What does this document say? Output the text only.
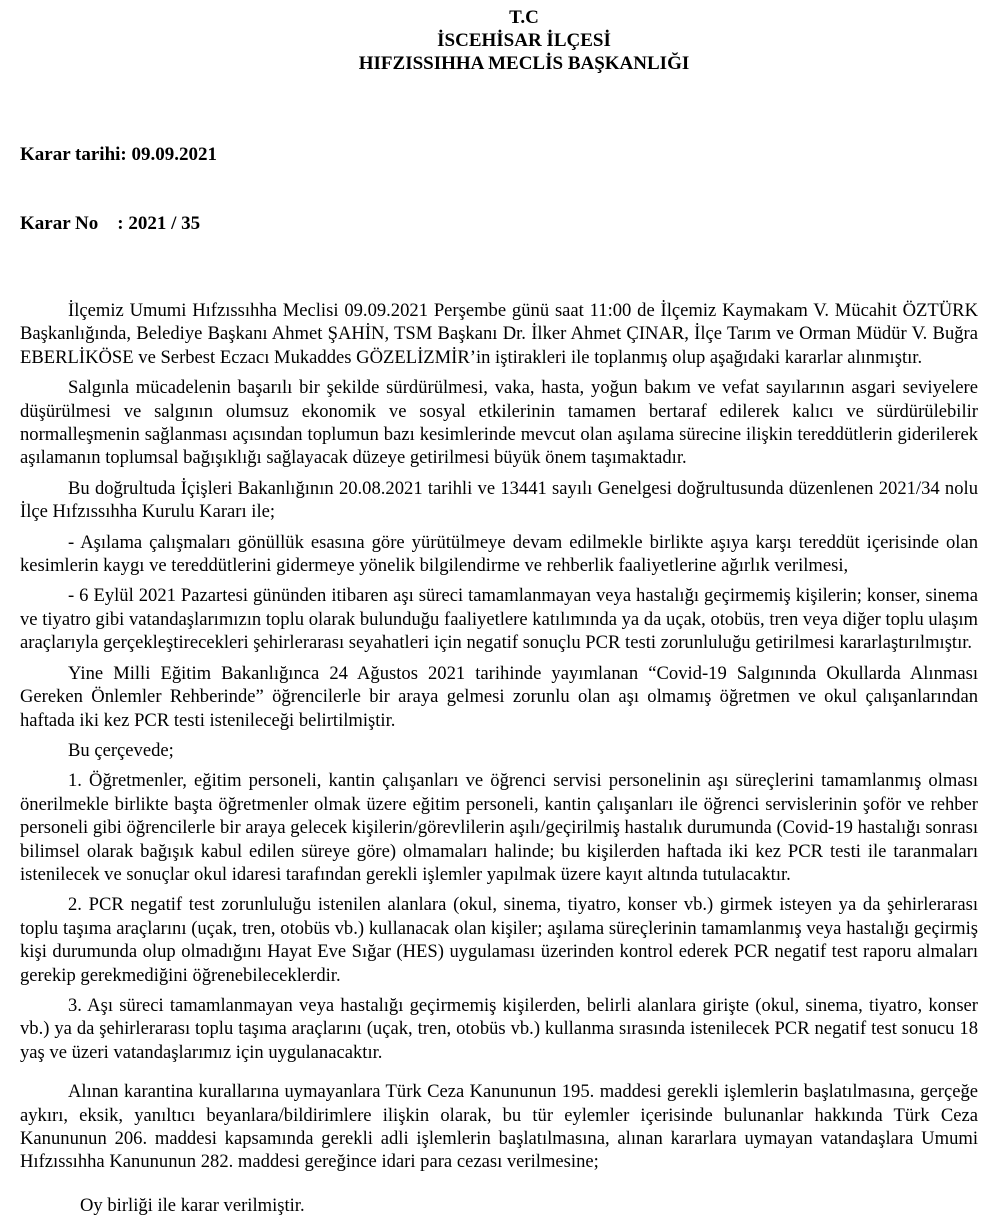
T.C
İSCEHİSAR İLÇESİ
HIFZISSIHHA MECLİS BAŞKANLIĞI

Karar tarihi: 09.09.2021

Karar No    : 2021 / 35

İlçemiz Umumi Hıfzıssıhha Meclisi 09.09.2021 Perşembe günü saat 11:00 de İlçemiz Kaymakam V. Mücahit ÖZTÜRK Başkanlığında, Belediye Başkanı Ahmet ŞAHİN, TSM Başkanı Dr. İlker Ahmet ÇINAR, İlçe Tarım ve Orman Müdür V. Buğra EBERLİKÖSE ve Serbest Eczacı Mukaddes GÖZELİZMİR’in iştirakleri ile toplanmış olup aşağıdaki kararlar alınmıştır.

Salgınla mücadelenin başarılı bir şekilde sürdürülmesi, vaka, hasta, yoğun bakım ve vefat sayılarının asgari seviyelere düşürülmesi ve salgının olumsuz ekonomik ve sosyal etkilerinin tamamen bertaraf edilerek kalıcı ve sürdürülebilir normalleşmenin sağlanması açısından toplumun bazı kesimlerinde mevcut olan aşılama sürecine ilişkin tereddütlerin giderilerek aşılamanın toplumsal bağışıklığı sağlayacak düzeye getirilmesi büyük önem taşımaktadır.

Bu doğrultuda İçişleri Bakanlığının 20.08.2021 tarihli ve 13441 sayılı Genelgesi doğrultusunda düzenlenen 2021/34 nolu İlçe Hıfzıssıhha Kurulu Kararı ile;

- Aşılama çalışmaları gönüllük esasına göre yürütülmeye devam edilmekle birlikte aşıya karşı tereddüt içerisinde olan kesimlerin kaygı ve tereddütlerini gidermeye yönelik bilgilendirme ve rehberlik faaliyetlerine ağırlık verilmesi,

- 6 Eylül 2021 Pazartesi gününden itibaren aşı süreci tamamlanmayan veya hastalığı geçirmemiş kişilerin; konser, sinema ve tiyatro gibi vatandaşlarımızın toplu olarak bulunduğu faaliyetlere katılımında ya da uçak, otobüs, tren veya diğer toplu ulaşım araçlarıyla gerçekleştirecekleri şehirlerarası seyahatleri için negatif sonuçlu PCR testi zorunluluğu getirilmesi kararlaştırılmıştır.

Yine Milli Eğitim Bakanlığınca 24 Ağustos 2021 tarihinde yayımlanan “Covid-19 Salgınında Okullarda Alınması Gereken Önlemler Rehberinde” öğrencilerle bir araya gelmesi zorunlu olan aşı olmamış öğretmen ve okul çalışanlarından haftada iki kez PCR testi istenileceği belirtilmiştir.

Bu çerçevede;

1. Öğretmenler, eğitim personeli, kantin çalışanları ve öğrenci servisi personelinin aşı süreçlerini tamamlanmış olması önerilmekle birlikte başta öğretmenler olmak üzere eğitim personeli, kantin çalışanları ile öğrenci servislerinin şoför ve rehber personeli gibi öğrencilerle bir araya gelecek kişilerin/görevlilerin aşılı/geçirilmiş hastalık durumunda (Covid-19 hastalığı sonrası bilimsel olarak bağışık kabul edilen süreye göre) olmamaları halinde; bu kişilerden haftada iki kez PCR testi ile taranmaları istenilecek ve sonuçlar okul idaresi tarafından gerekli işlemler yapılmak üzere kayıt altında tutulacaktır.

2. PCR negatif test zorunluluğu istenilen alanlara (okul, sinema, tiyatro, konser vb.) girmek isteyen ya da şehirlerarası toplu taşıma araçlarını (uçak, tren, otobüs vb.) kullanacak olan kişiler; aşılama süreçlerinin tamamlanmış veya hastalığı geçirmiş kişi durumunda olup olmadığını Hayat Eve Sığar (HES) uygulaması üzerinden kontrol ederek PCR negatif test raporu almaları gerekip gerekmediğini öğrenebileceklerdir.

3. Aşı süreci tamamlanmayan veya hastalığı geçirmemiş kişilerden, belirli alanlara girişte (okul, sinema, tiyatro, konser vb.) ya da şehirlerarası toplu taşıma araçlarını (uçak, tren, otobüs vb.) kullanma sırasında istenilecek PCR negatif test sonucu 18 yaş ve üzeri vatandaşlarımız için uygulanacaktır.

Alınan karantina kurallarına uymayanlara Türk Ceza Kanununun 195. maddesi gerekli işlemlerin başlatılmasına, gerçeğe aykırı, eksik, yanıltıcı beyanlara/bildirimlere ilişkin olarak, bu tür eylemler içerisinde bulunanlar hakkında Türk Ceza Kanununun 206. maddesi kapsamında gerekli adli işlemlerin başlatılmasına, alınan kararlara uymayan vatandaşlara Umumi Hıfzıssıhha Kanununun 282. maddesi gereğince idari para cezası verilmesine;

Oy birliği ile karar verilmiştir.
